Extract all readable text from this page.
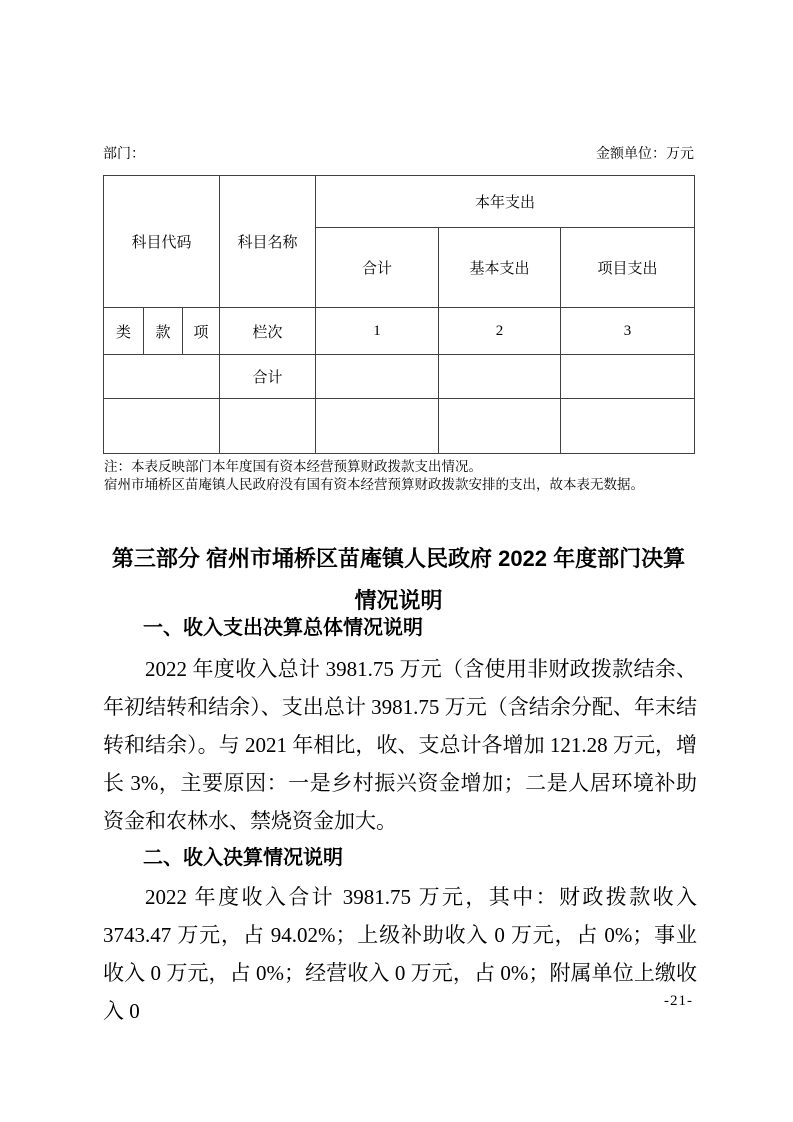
部门：	金额单位：万元
科目代码			科目名称	本年支出		
				合计	基本支出	项目支出
类	款	项	栏次	1	2	3
			合计			

注：本表反映部门本年度国有资本经营预算财政拨款支出情况。
宿州市埇桥区苗庵镇人民政府没有国有资本经营预算财政拨款安排的支出，故本表无数据。
第三部分 宿州市埇桥区苗庵镇人民政府 2022 年度部门决算
情况说明
一、收入支出决算总体情况说明
2022 年度收入总计 3981.75 万元（含使用非财政拨款结余、年初结转和结余）、支出总计 3981.75 万元（含结余分配、年末结转和结余）。与 2021 年相比，收、支总计各增加 121.28 万元，增长 3%，主要原因：一是乡村振兴资金增加；二是人居环境补助资金和农林水、禁烧资金加大。
二、收入决算情况说明
2022 年度收入合计 3981.75 万元，其中：财政拨款收入 3743.47 万元，占 94.02%；上级补助收入 0 万元，占 0%；事业收入 0 万元，占 0%；经营收入 0 万元，占 0%；附属单位上缴收入 0	-21-
